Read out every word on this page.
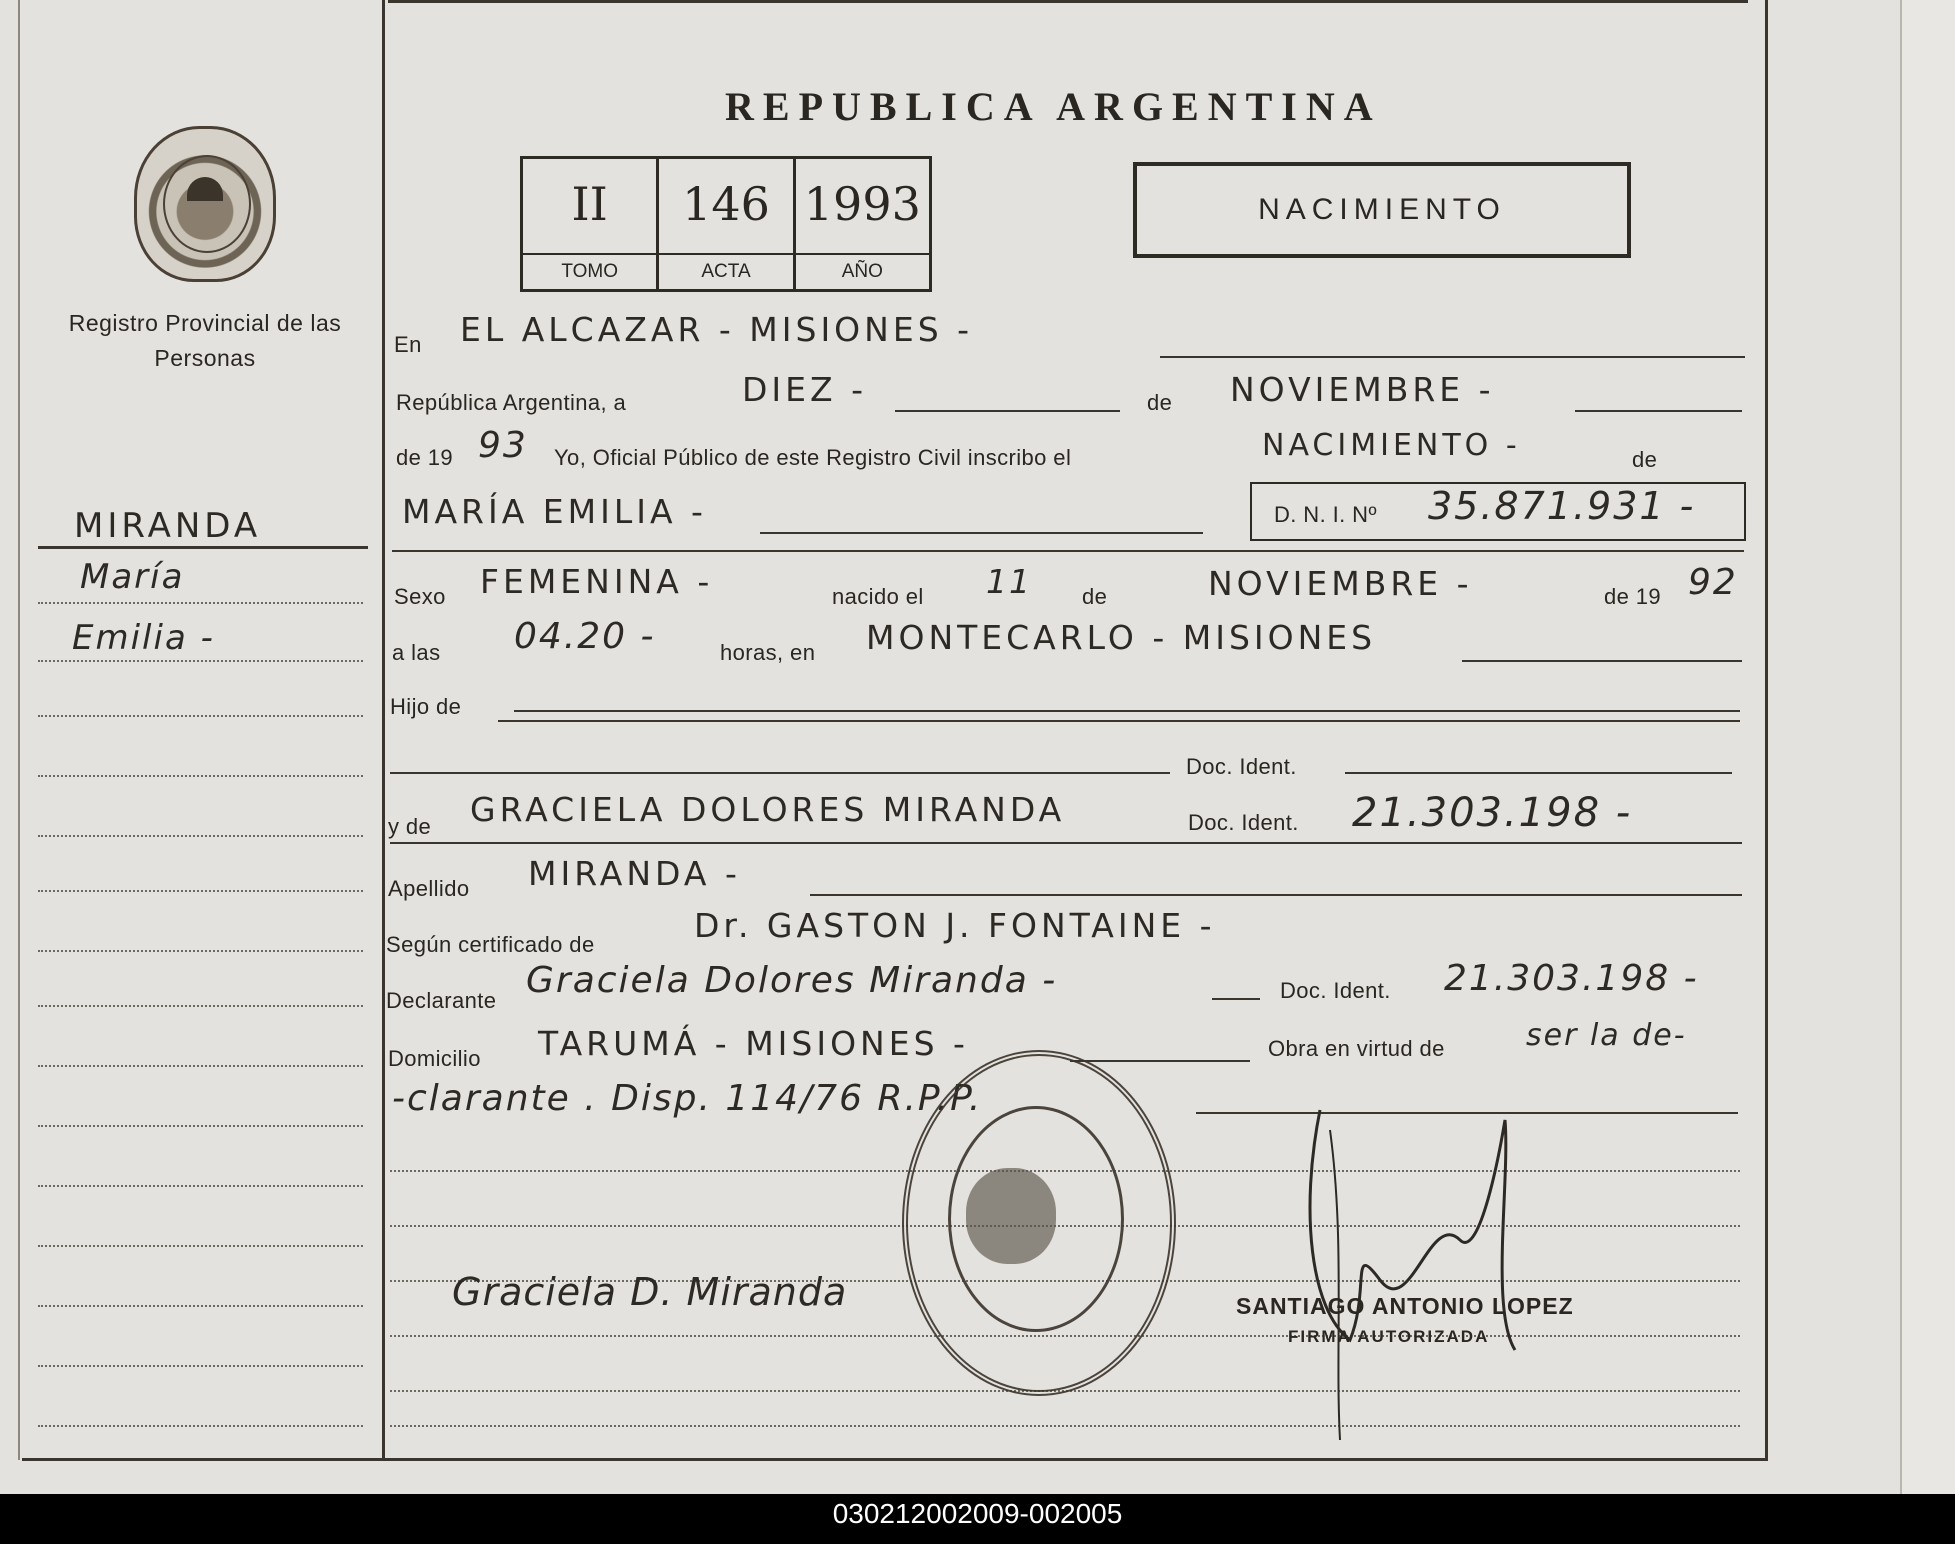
Registro Provincial de las Personas
MIRANDA
María
Emilia -
REPUBLICA ARGENTINA
II
TOMO
146
ACTA
1993
AÑO
NACIMIENTO
En EL ALCAZAR - MISIONES -
República Argentina, a	DIEZ -	de NOVIEMBRE -
de 19 93 Yo, Oficial Público de este Registro Civil inscribo el	NACIMIENTO -	de
MARÍA EMILIA -	D. N. I. Nº 35.871.931 -
Sexo FEMENINA -	nacido el 11 de	NOVIEMBRE -	de 19 92
a las 04.20 -	horas, en MONTECARLO - MISIONES
Hijo de
Doc. Ident.
y de GRACIELA DOLORES MIRANDA	Doc. Ident. 21.303.198 -
Apellido MIRANDA -
Según certificado de	Dr. GASTON J. FONTAINE -
Declarante Graciela Dolores Miranda -	Doc. Ident. 21.303.198 -
Domicilio TARUMÁ - MISIONES -	Obra en virtud de	ser la de-
-clarante . Disp. 114/76 R.P.P.
Graciela D. Miranda	SANTIAGO ANTONIO LOPEZ
FIRMA AUTORIZADA
030212002009-002005
